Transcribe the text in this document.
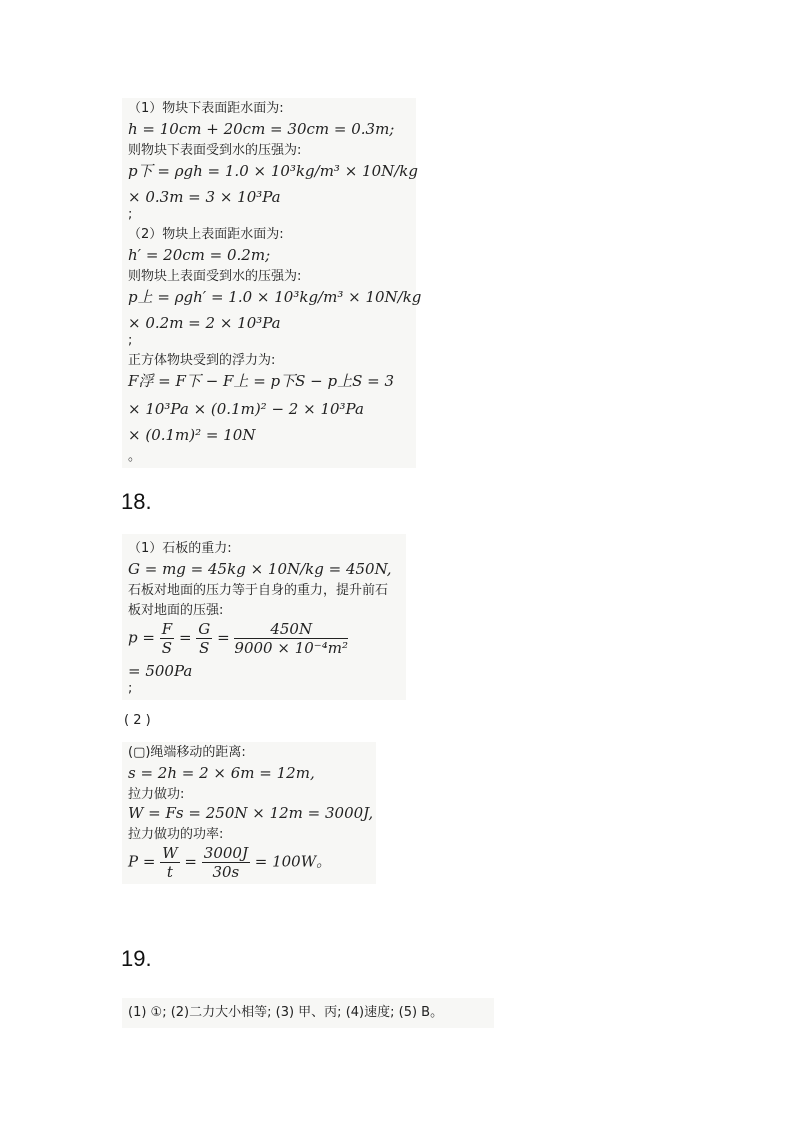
（1）物块下表面距水面为:
h = 10cm + 20cm = 30cm = 0.3m;
则物块下表面受到水的压强为:
p下 = ρgh = 1.0 × 10³kg/m³ × 10N/kg
× 0.3m = 3 × 10³Pa
;
（2）物块上表面距水面为:
h′ = 20cm = 0.2m;
则物块上表面受到水的压强为:
p上 = ρgh′ = 1.0 × 10³kg/m³ × 10N/kg
× 0.2m = 2 × 10³Pa
;
正方体物块受到的浮力为:
F浮 = F下 − F上 = p下S − p上S = 3
× 10³Pa × (0.1m)² − 2 × 10³Pa
× (0.1m)² = 10N
。
18.
（1）石板的重力:
G = mg = 45kg × 10N/kg = 450N,
石板对地面的压力等于自身的重力，提升前石
板对地面的压强:
$p = \frac{F}{S} = \frac{G}{S} = \frac{450N}{\text{9000 × 10⁻⁴m²}}$
= 500Pa
;
( 2 )
(▢)绳端移动的距离:
s = 2h = 2 × 6m = 12m,
拉力做功:
W = Fs = 250N × 12m = 3000J,
拉力做功的功率:
$P = \frac{W}{t} = \frac{3000J}{30s} = 100W$。
19.
(1) ①; (2)二力大小相等; (3) 甲、丙; (4)速度; (5) B。
